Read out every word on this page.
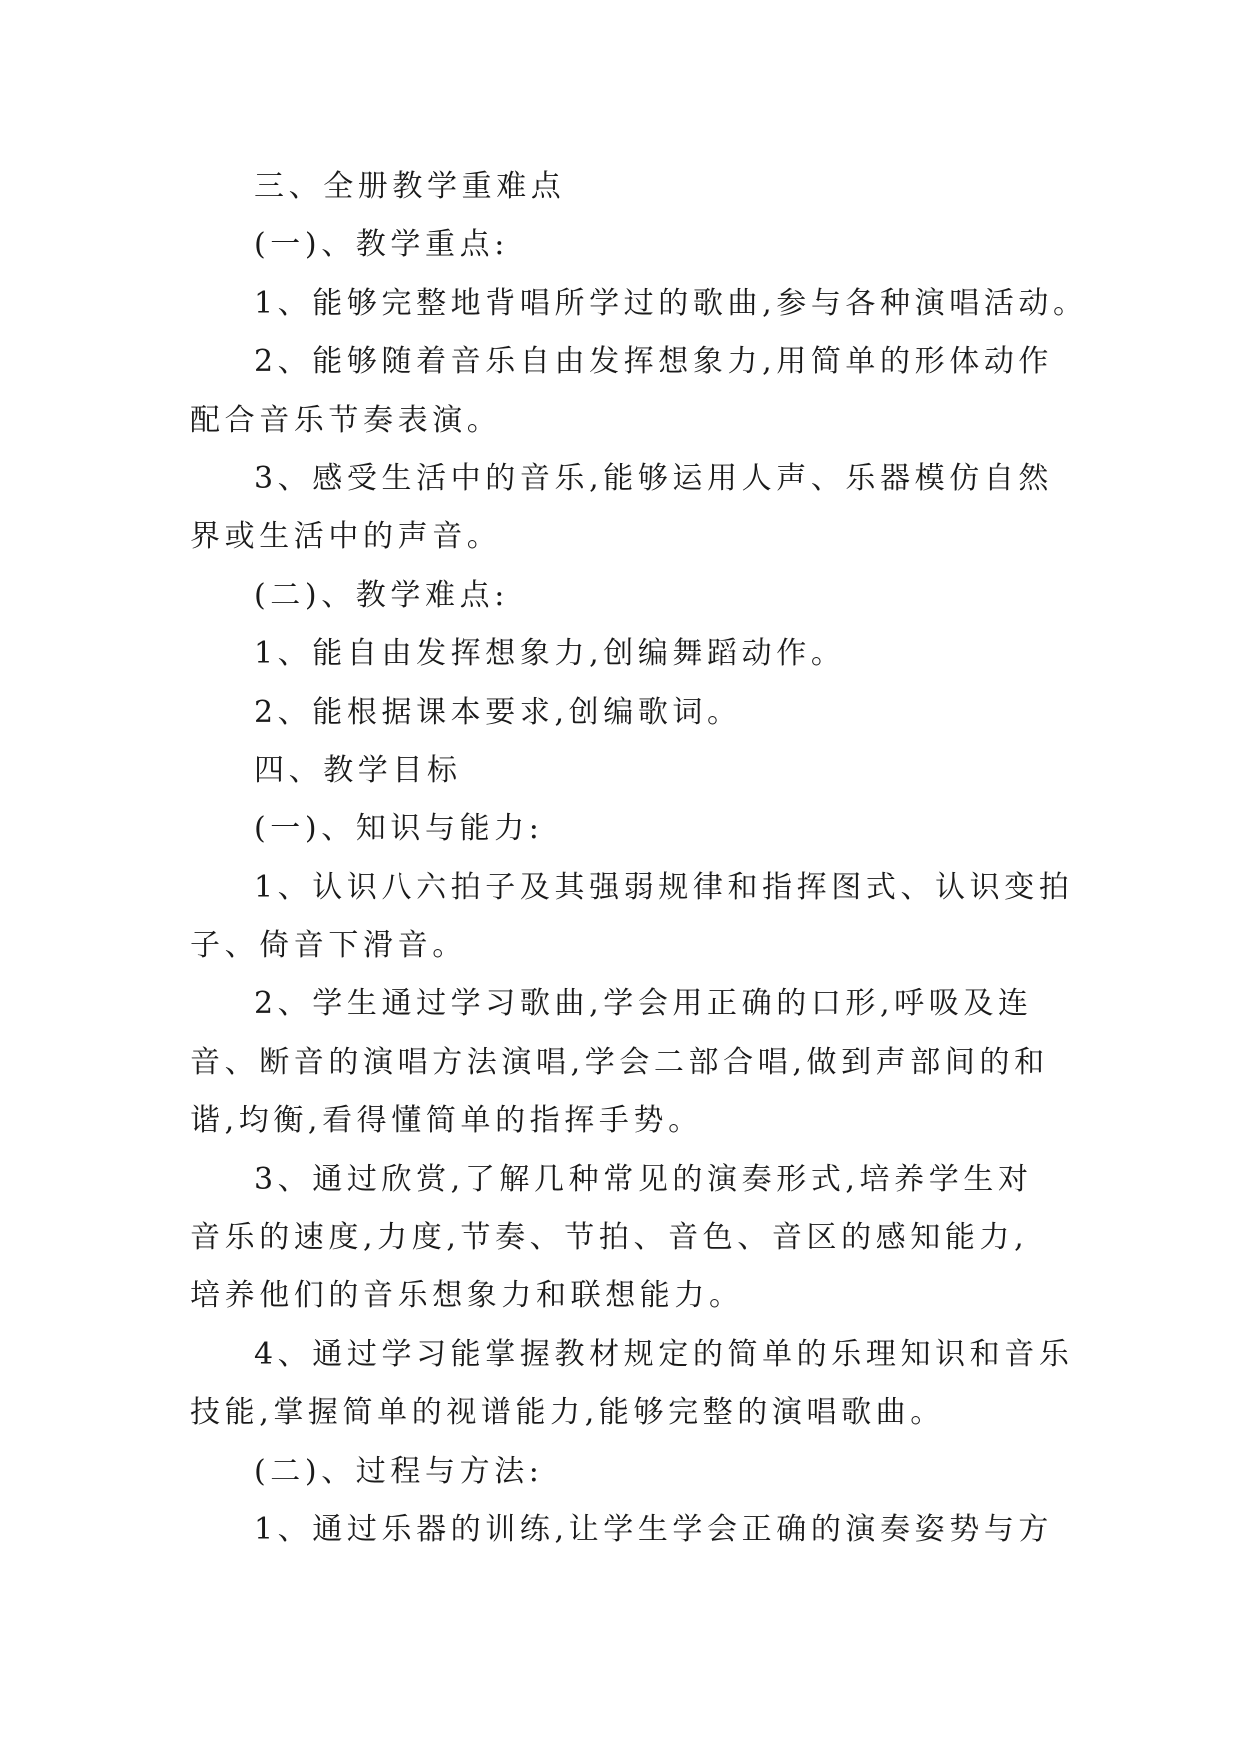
三、全册教学重难点

(一)、教学重点:

1、能够完整地背唱所学过的歌曲,参与各种演唱活动。

2、能够随着音乐自由发挥想象力,用简单的形体动作

配合音乐节奏表演。

3、感受生活中的音乐,能够运用人声、乐器模仿自然

界或生活中的声音。

(二)、教学难点:

1、能自由发挥想象力,创编舞蹈动作。

2、能根据课本要求,创编歌词。

四、教学目标

(一)、知识与能力:

1、认识八六拍子及其强弱规律和指挥图式、认识变拍

子、倚音下滑音。

2、学生通过学习歌曲,学会用正确的口形,呼吸及连

音、断音的演唱方法演唱,学会二部合唱,做到声部间的和

谐,均衡,看得懂简单的指挥手势。

3、通过欣赏,了解几种常见的演奏形式,培养学生对

音乐的速度,力度,节奏、节拍、音色、音区的感知能力,

培养他们的音乐想象力和联想能力。

4、通过学习能掌握教材规定的简单的乐理知识和音乐

技能,掌握简单的视谱能力,能够完整的演唱歌曲。

(二)、过程与方法:

1、通过乐器的训练,让学生学会正确的演奏姿势与方
